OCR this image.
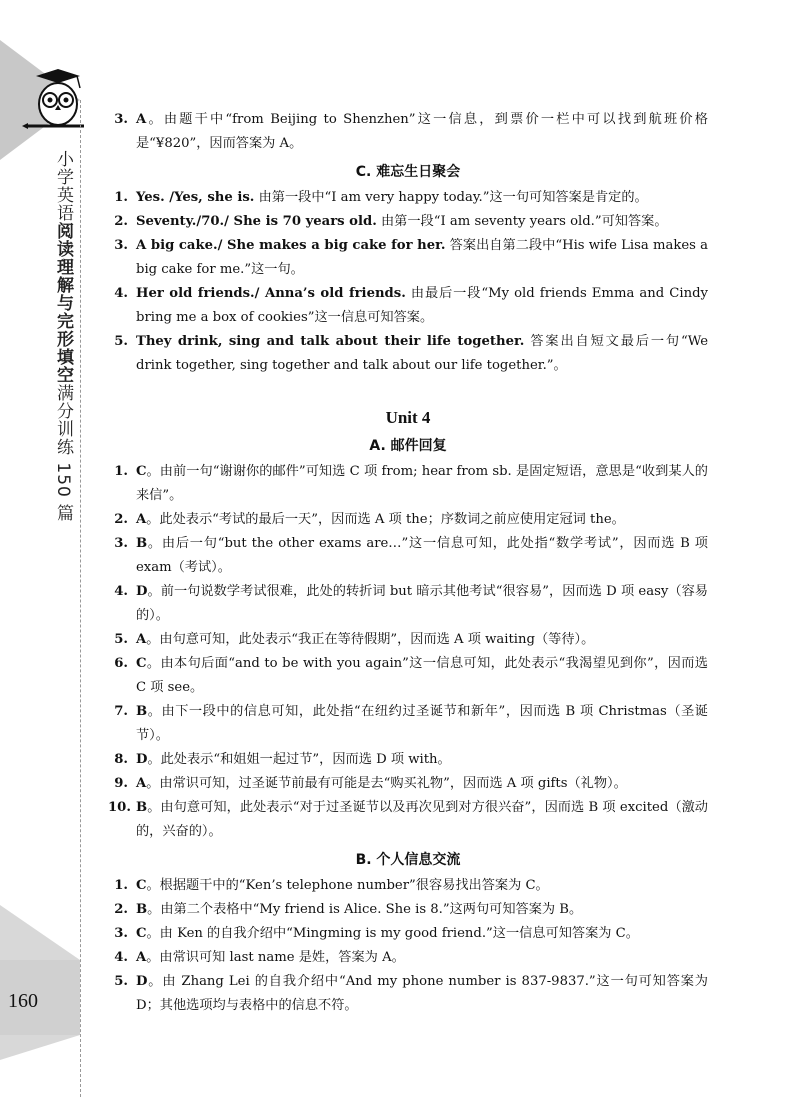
小学英语阅读理解与完形填空满分训练 150 篇
160
3. A。由题干中“from Beijing to Shenzhen”这一信息，到票价一栏中可以找到航班价格是“¥820”，因而答案为 A。
C. 难忘生日聚会
1. Yes. /Yes, she is. 由第一段中“I am very happy today.”这一句可知答案是肯定的。
2. Seventy./70./ She is 70 years old. 由第一段“I am seventy years old.”可知答案。
3. A big cake./ She makes a big cake for her. 答案出自第二段中“His wife Lisa makes a big cake for me.”这一句。
4. Her old friends./ Anna’s old friends. 由最后一段“My old friends Emma and Cindy bring me a box of cookies”这一信息可知答案。
5. They drink, sing and talk about their life together. 答案出自短文最后一句“We drink together, sing together and talk about our life together.”。
Unit 4
A. 邮件回复
1. C。由前一句“谢谢你的邮件”可知选 C 项 from; hear from sb. 是固定短语，意思是“收到某人的来信”。
2. A。此处表示“考试的最后一天”，因而选 A 项 the；序数词之前应使用定冠词 the。
3. B。由后一句“but the other exams are…”这一信息可知，此处指“数学考试”，因而选 B 项 exam（考试）。
4. D。前一句说数学考试很难，此处的转折词 but 暗示其他考试“很容易”，因而选 D 项 easy（容易的）。
5. A。由句意可知，此处表示“我正在等待假期”，因而选 A 项 waiting（等待）。
6. C。由本句后面“and to be with you again”这一信息可知，此处表示“我渴望见到你”，因而选 C 项 see。
7. B。由下一段中的信息可知，此处指“在纽约过圣诞节和新年”，因而选 B 项 Christmas（圣诞节）。
8. D。此处表示“和姐姐一起过节”，因而选 D 项 with。
9. A。由常识可知，过圣诞节前最有可能是去“购买礼物”，因而选 A 项 gifts（礼物）。
10. B。由句意可知，此处表示“对于过圣诞节以及再次见到对方很兴奋”，因而选 B 项 excited（激动的，兴奋的）。
B. 个人信息交流
1. C。根据题干中的“Ken’s telephone number”很容易找出答案为 C。
2. B。由第二个表格中“My friend is Alice. She is 8.”这两句可知答案为 B。
3. C。由 Ken 的自我介绍中“Mingming is my good friend.”这一信息可知答案为 C。
4. A。由常识可知 last name 是姓，答案为 A。
5. D。由 Zhang Lei 的自我介绍中“And my phone number is 837-9837.”这一句可知答案为 D；其他选项均与表格中的信息不符。
